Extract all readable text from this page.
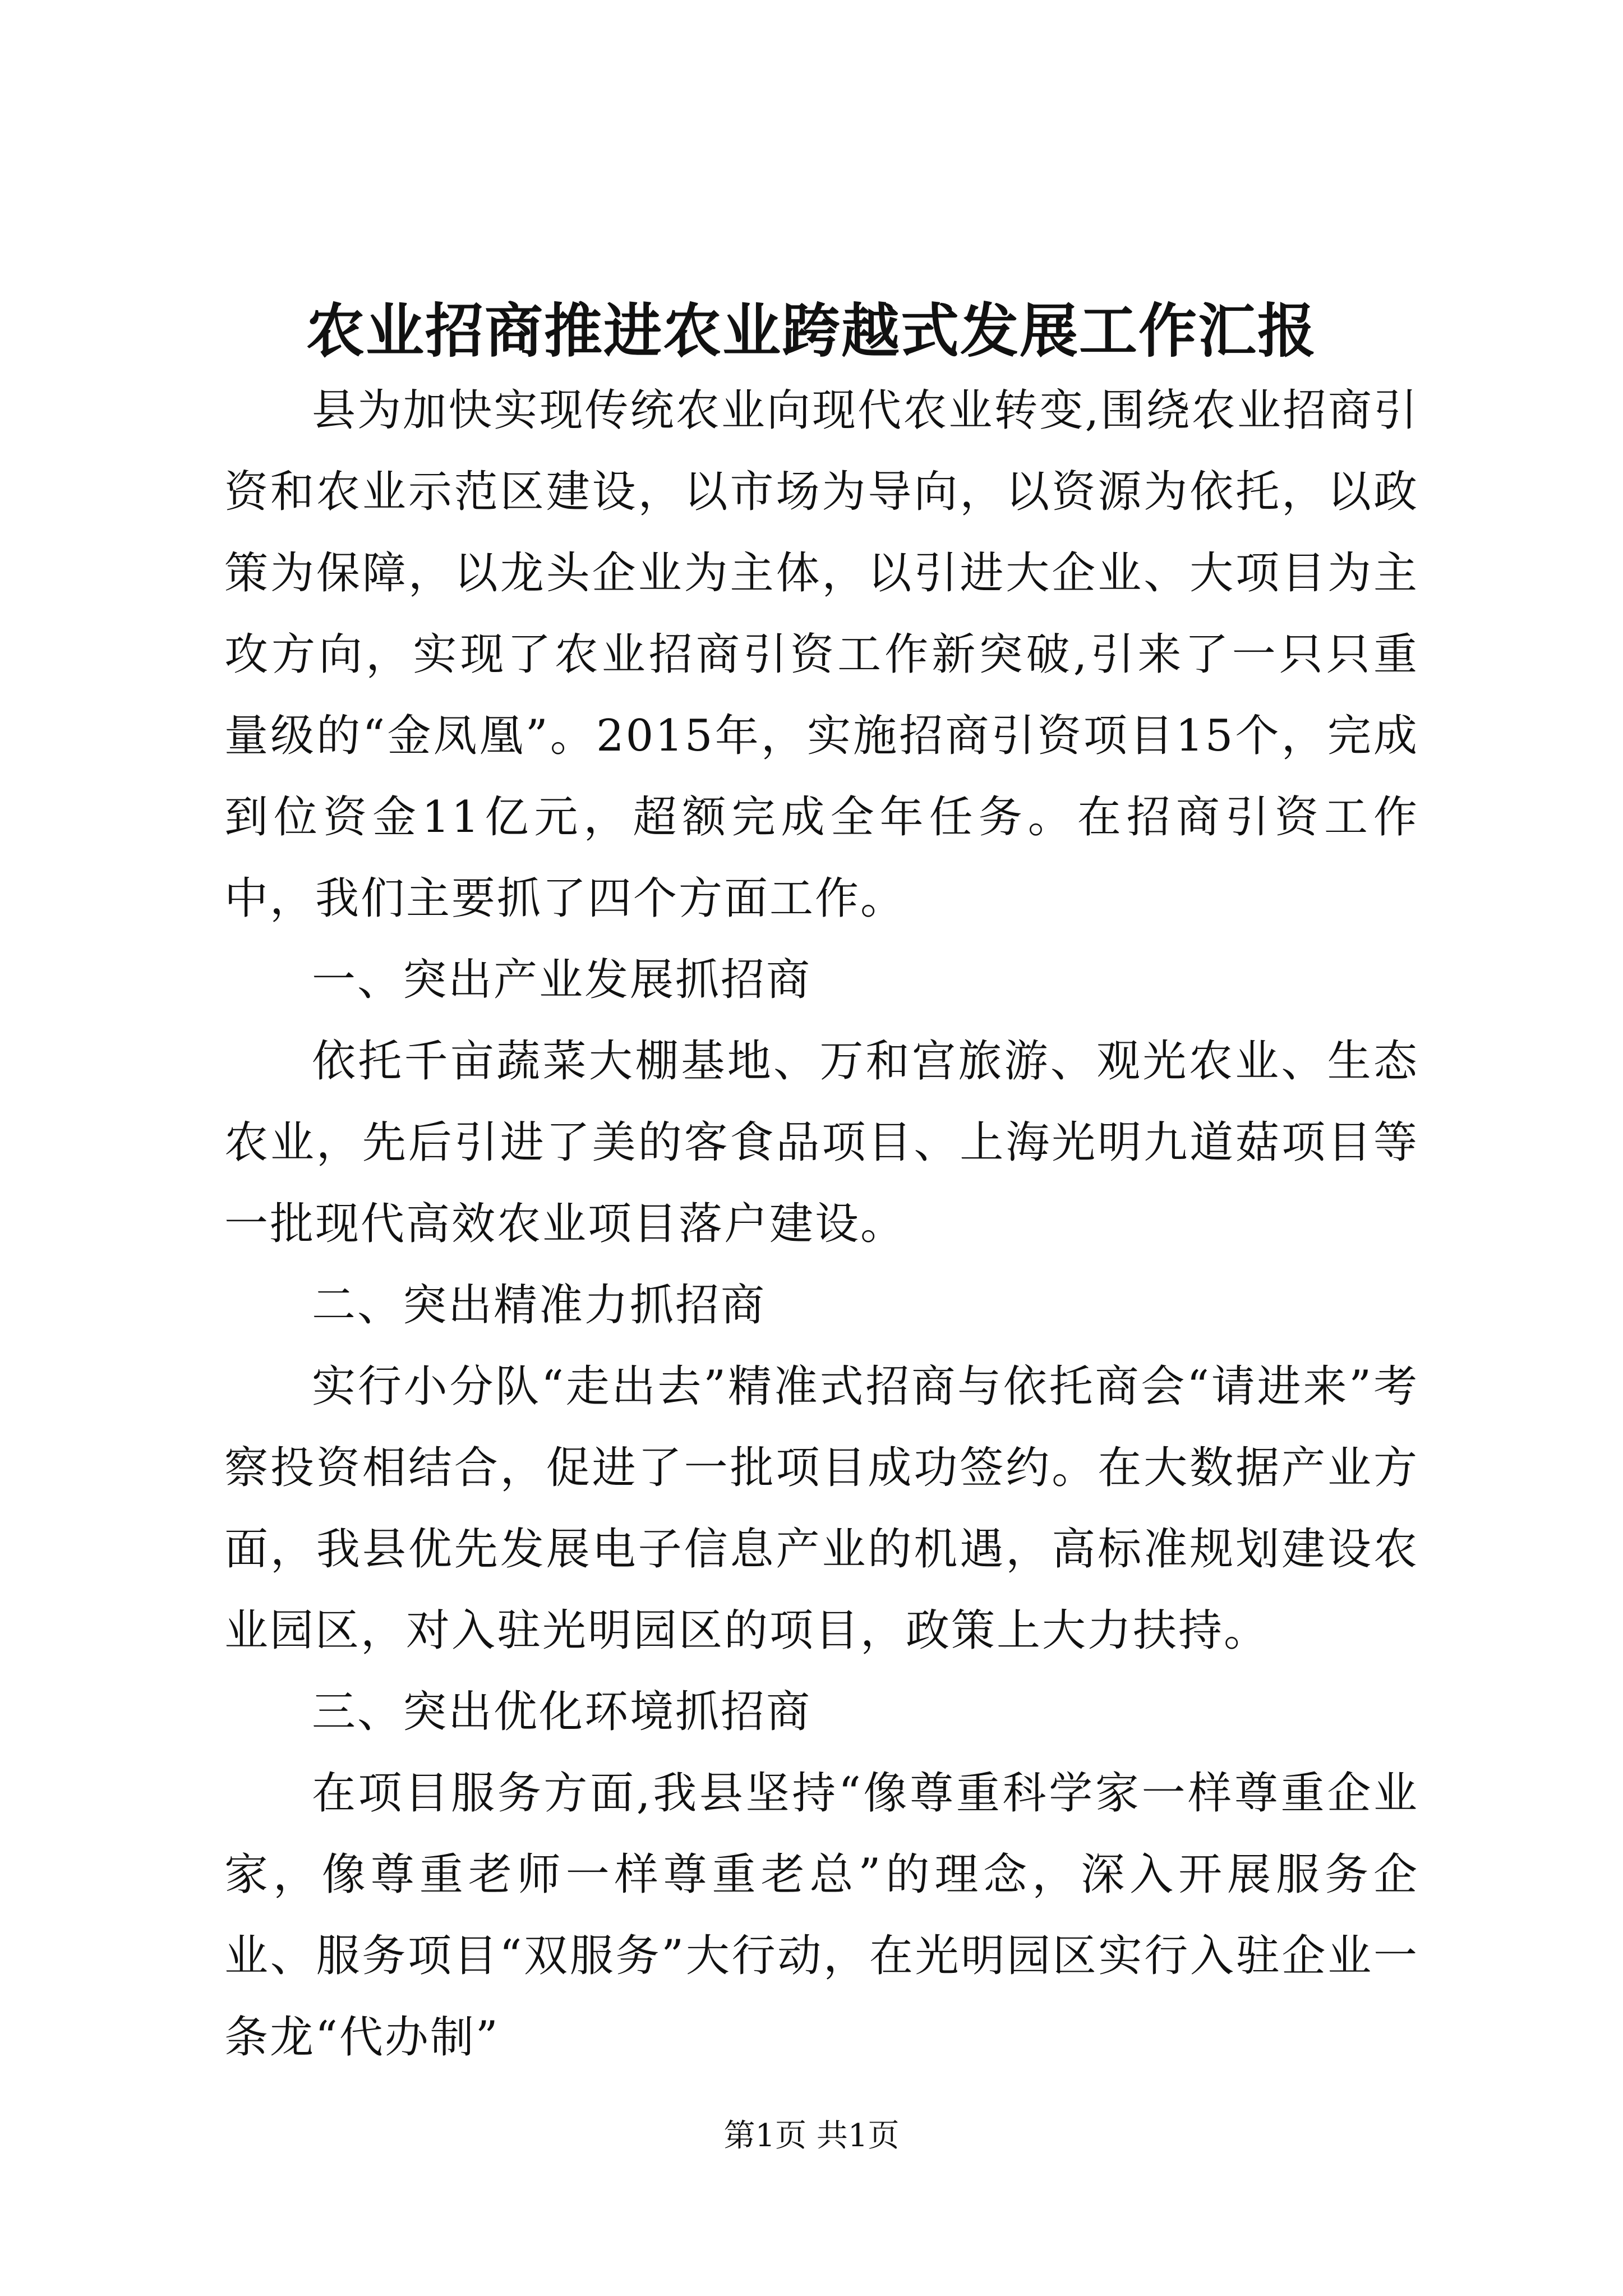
农业招商推进农业跨越式发展工作汇报

县为加快实现传统农业向现代农业转变,围绕农业招商引资和农业示范区建设，以市场为导向，以资源为依托，以政策为保障，以龙头企业为主体，以引进大企业、大项目为主攻方向，实现了农业招商引资工作新突破,引来了一只只重量级的“金凤凰”。2015年，实施招商引资项目15个，完成到位资金11亿元，超额完成全年任务。在招商引资工作中，我们主要抓了四个方面工作。

一、突出产业发展抓招商

依托千亩蔬菜大棚基地、万和宫旅游、观光农业、生态农业，先后引进了美的客食品项目、上海光明九道菇项目等一批现代高效农业项目落户建设。

二、突出精准力抓招商

实行小分队“走出去”精准式招商与依托商会“请进来”考察投资相结合，促进了一批项目成功签约。在大数据产业方面，我县优先发展电子信息产业的机遇，高标准规划建设农业园区，对入驻光明园区的项目，政策上大力扶持。

三、突出优化环境抓招商

在项目服务方面,我县坚持“像尊重科学家一样尊重企业家，像尊重老师一样尊重老总”的理念，深入开展服务企业、服务项目“双服务”大行动，在光明园区实行入驻企业一条龙“代办制”

第1页 共1页
